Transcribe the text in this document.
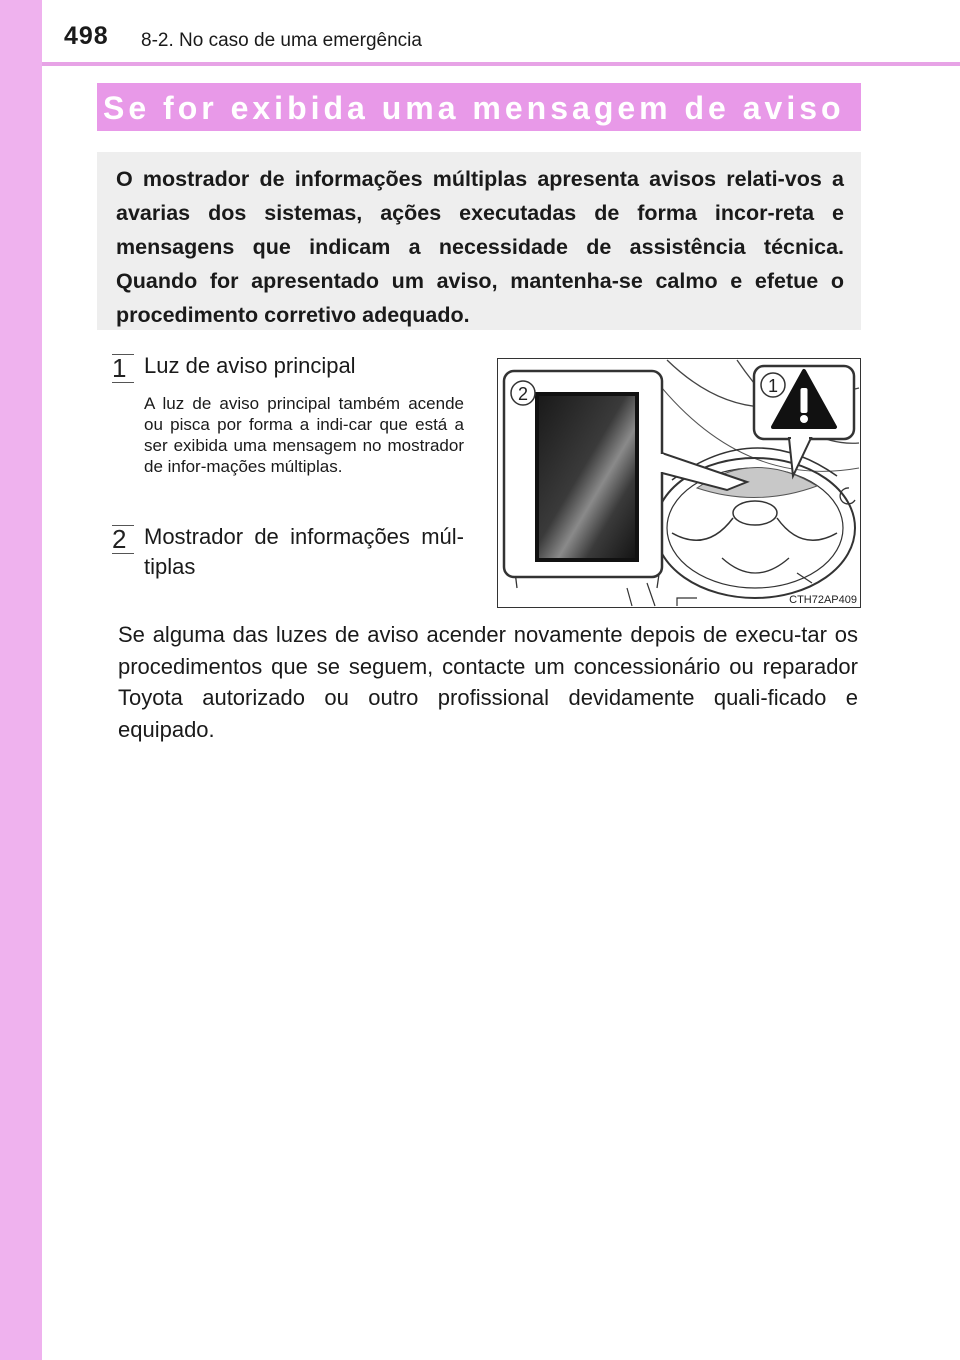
498 8-2. No caso de uma emergência
Se for exibida uma mensagem de aviso
O mostrador de informações múltiplas apresenta avisos relati-vos a avarias dos sistemas, ações executadas de forma incor-reta e mensagens que indicam a necessidade de assistência técnica. Quando for apresentado um aviso, mantenha-se calmo e efetue o procedimento corretivo adequado.
1 Luz de aviso principal
A luz de aviso principal também acende ou pisca por forma a indi-car que está a ser exibida uma mensagem no mostrador de infor-mações múltiplas.
2 Mostrador de informações múl-tiplas
2	1
CTH72AP409
Se alguma das luzes de aviso acender novamente depois de execu-tar os procedimentos que se seguem, contacte um concessionário ou reparador Toyota autorizado ou outro profissional devidamente quali-ficado e equipado.
